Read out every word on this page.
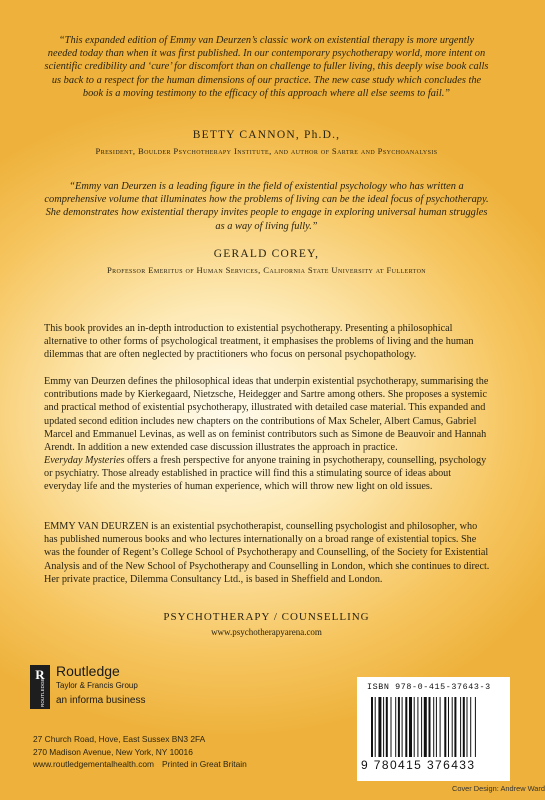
“This expanded edition of Emmy van Deurzen’s classic work on existential therapy is more urgently needed today than when it was first published. In our contemporary psychotherapy world, more intent on scientific credibility and ‘cure’ for discomfort than on challenge to fuller living, this deeply wise book calls us back to a respect for the human dimensions of our practice. The new case study which concludes the book is a moving testimony to the efficacy of this approach where all else seems to fail.”
BETTY CANNON, Ph.D.,
President, Boulder Psychotherapy Institute, and author of Sartre and Psychoanalysis
“Emmy van Deurzen is a leading figure in the field of existential psychology who has written a comprehensive volume that illuminates how the problems of living can be the ideal focus of psychotherapy. She demonstrates how existential therapy invites people to engage in exploring universal human struggles as a way of living fully.”
GERALD COREY,
Professor Emeritus of Human Services, California State University at Fullerton

This book provides an in-depth introduction to existential psychotherapy. Presenting a philosophical alternative to other forms of psychological treatment, it emphasises the problems of living and the human dilemmas that are often neglected by practitioners who focus on personal psychopathology.

Emmy van Deurzen defines the philosophical ideas that underpin existential psychotherapy, summarising the contributions made by Kierkegaard, Nietzsche, Heidegger and Sartre among others. She proposes a systemic and practical method of existential psychotherapy, illustrated with detailed case material. This expanded and updated second edition includes new chapters on the contributions of Max Scheler, Albert Camus, Gabriel Marcel and Emmanuel Levinas, as well as on feminist contributors such as Simone de Beauvoir and Hannah Arendt. In addition a new extended case discussion illustrates the approach in practice.

Everyday Mysteries offers a fresh perspective for anyone training in psychotherapy, counselling, psychology or psychiatry. Those already established in practice will find this a stimulating source of ideas about everyday life and the mysteries of human experience, which will throw new light on old issues.

EMMY VAN DEURZEN is an existential psychotherapist, counselling psychologist and philosopher, who has published numerous books and who lectures internationally on a broad range of existential topics. She was the founder of Regent’s College School of Psychotherapy and Counselling, of the Society for Existential Analysis and of the New School of Psychotherapy and Counselling in London, which she continues to direct. Her private practice, Dilemma Consultancy Ltd., is based in Sheffield and London.

PSYCHOTHERAPY / COUNSELLING
www.psychotherapyarena.com
R
ROUTLEDGE
Routledge
Taylor & Francis Group
an informa business
27 Church Road, Hove, East Sussex BN3 2FA
270 Madison Avenue, New York, NY 10016
www.routledgementalhealth.com Printed in Great Britain
ISBN 978-0-415-37643-3
9 780415 376433
Cover Design: Andrew Ward
